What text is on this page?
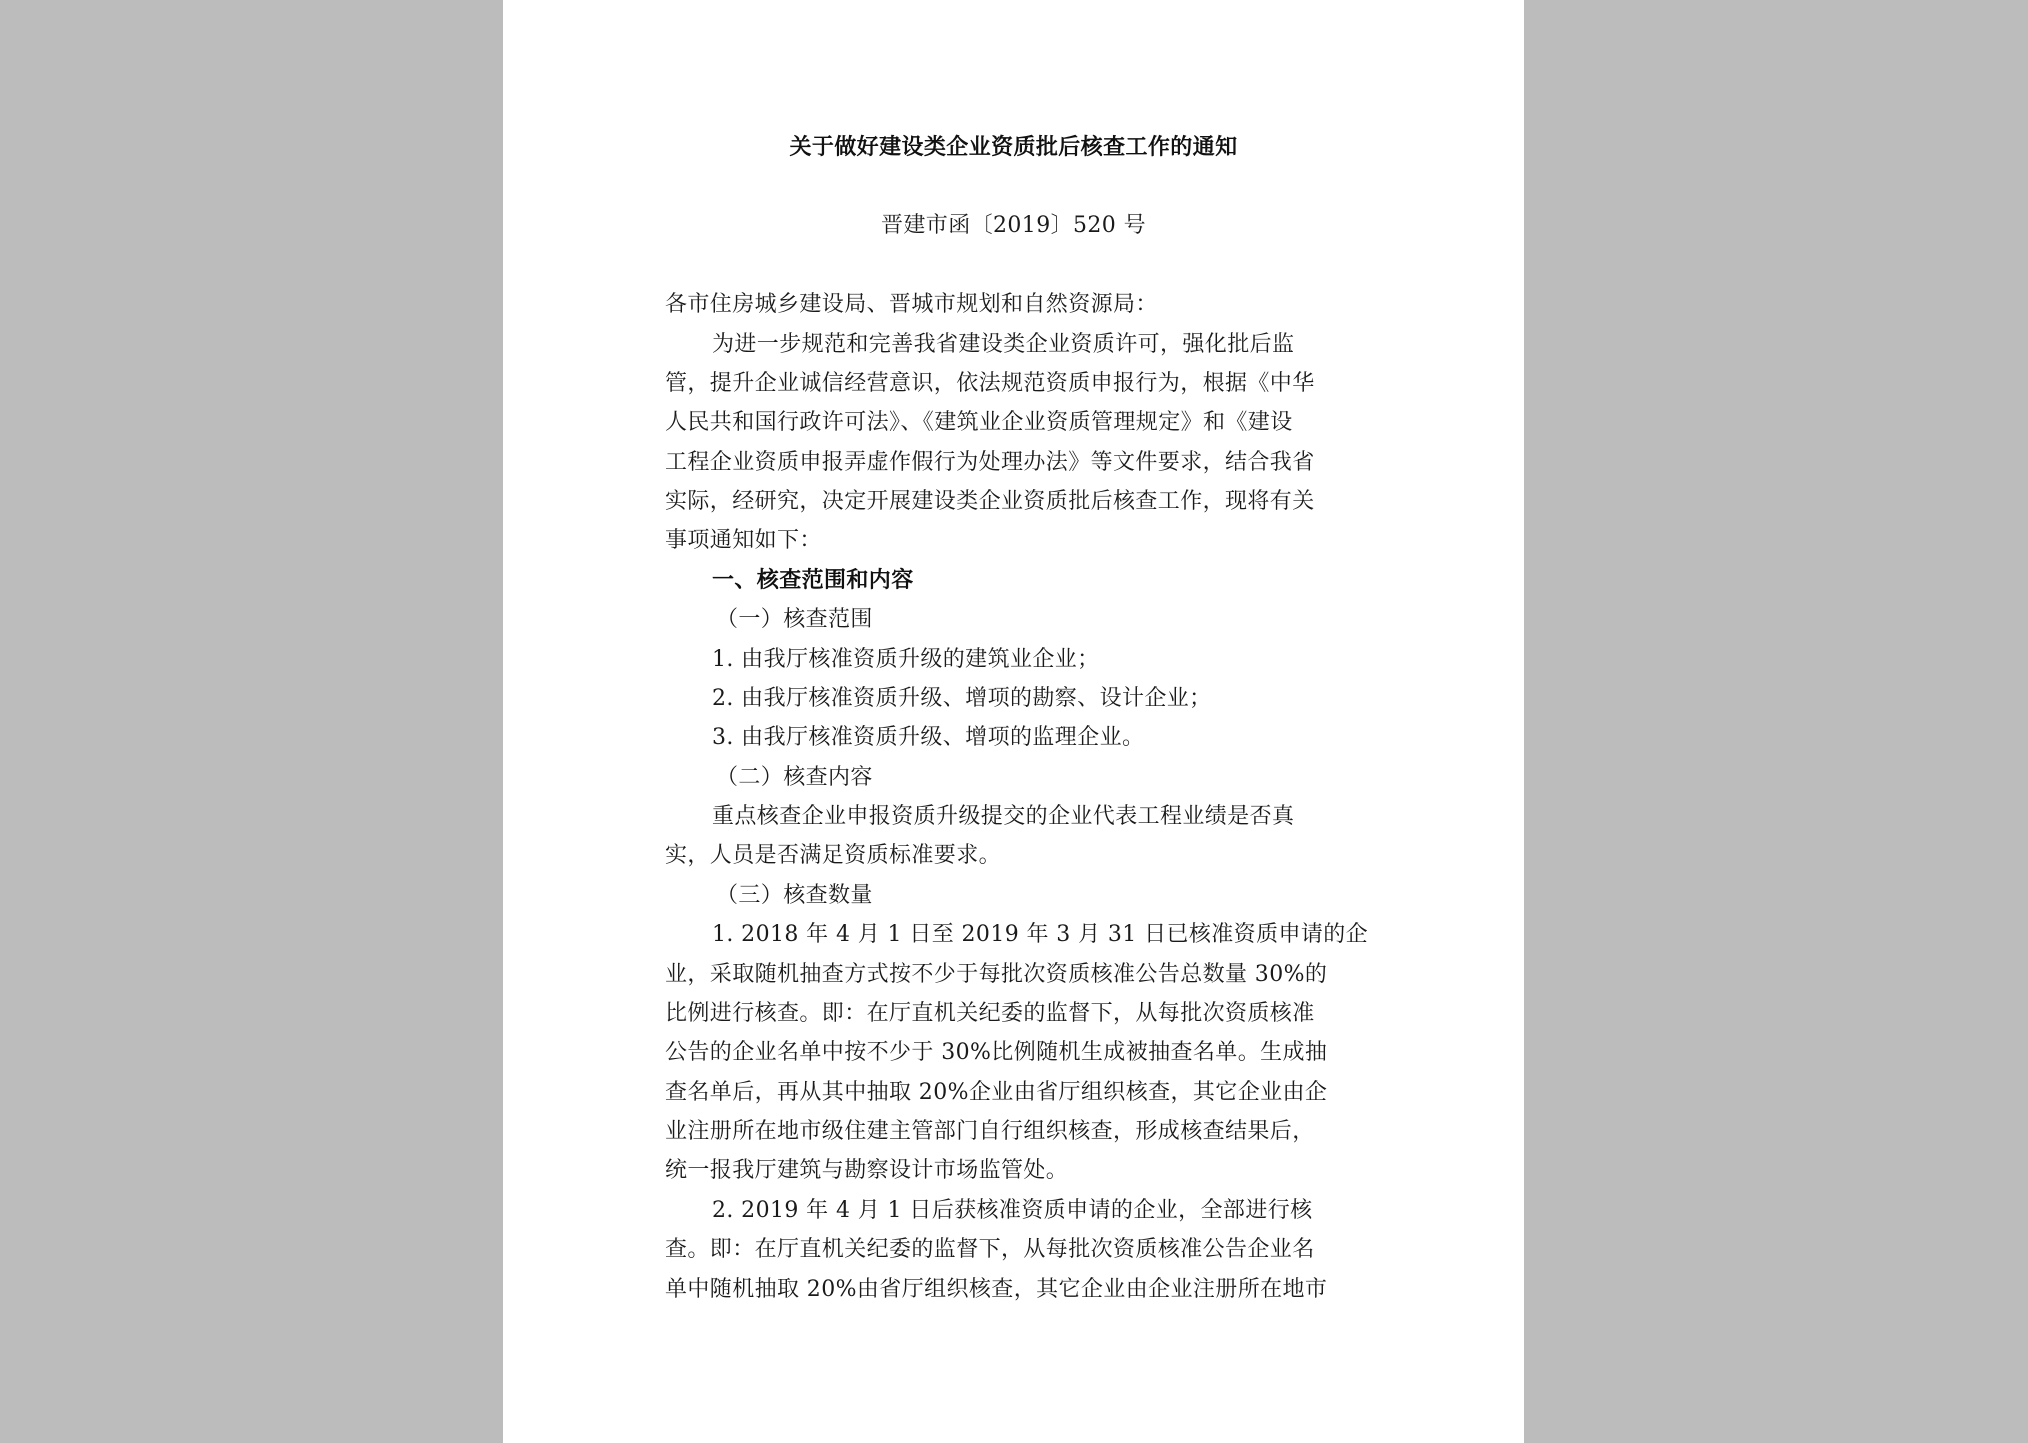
关于做好建设类企业资质批后核查工作的通知
晋建市函〔2019〕520 号
各市住房城乡建设局、晋城市规划和自然资源局：
为进一步规范和完善我省建设类企业资质许可，强化批后监
管，提升企业诚信经营意识，依法规范资质申报行为，根据《中华
人民共和国行政许可法》、《建筑业企业资质管理规定》和《建设
工程企业资质申报弄虚作假行为处理办法》等文件要求，结合我省
实际，经研究，决定开展建设类企业资质批后核查工作，现将有关
事项通知如下：
一、核查范围和内容
（一）核查范围
1. 由我厅核准资质升级的建筑业企业；
2. 由我厅核准资质升级、增项的勘察、设计企业；
3. 由我厅核准资质升级、增项的监理企业。
（二）核查内容
重点核查企业申报资质升级提交的企业代表工程业绩是否真
实，人员是否满足资质标准要求。
（三）核查数量
1. 2018 年 4 月 1 日至 2019 年 3 月 31 日已核准资质申请的企
业，采取随机抽查方式按不少于每批次资质核准公告总数量 30%的
比例进行核查。即：在厅直机关纪委的监督下，从每批次资质核准
公告的企业名单中按不少于 30%比例随机生成被抽查名单。生成抽
查名单后，再从其中抽取 20%企业由省厅组织核查，其它企业由企
业注册所在地市级住建主管部门自行组织核查，形成核查结果后，
统一报我厅建筑与勘察设计市场监管处。
2. 2019 年 4 月 1 日后获核准资质申请的企业，全部进行核
查。即：在厅直机关纪委的监督下，从每批次资质核准公告企业名
单中随机抽取 20%由省厅组织核查，其它企业由企业注册所在地市
